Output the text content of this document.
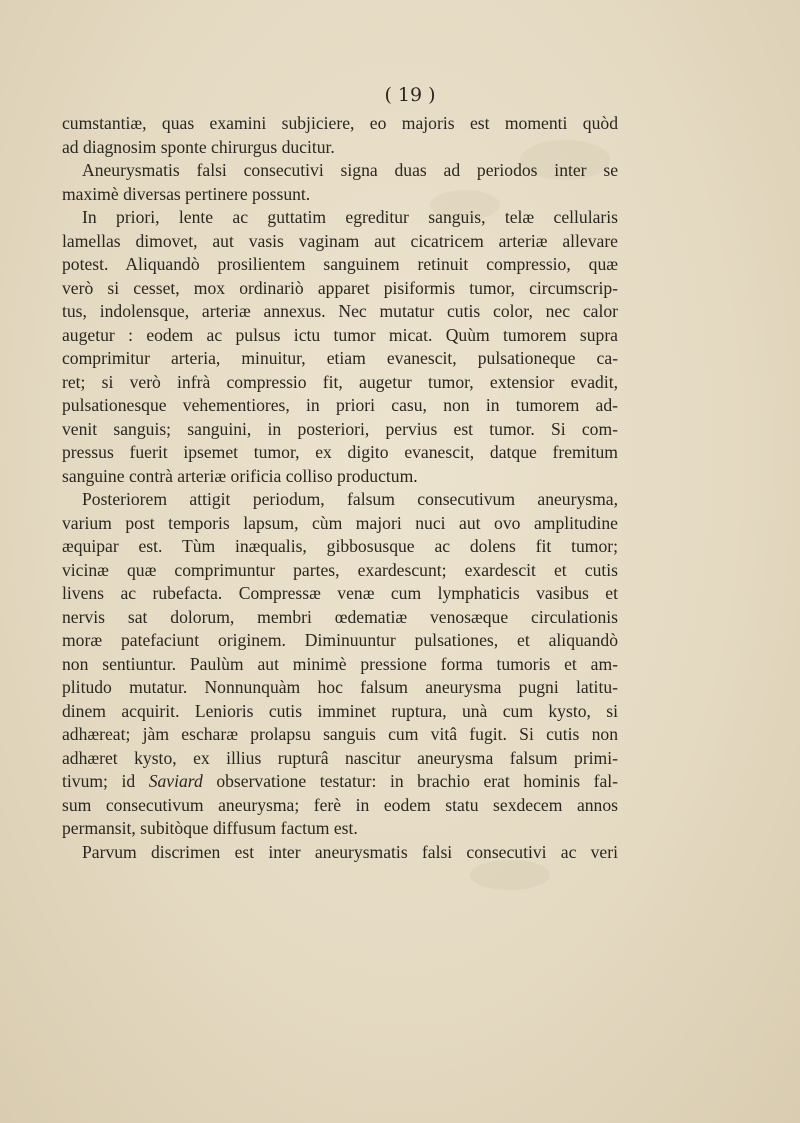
( 19 )
cumstantiæ, quas examini subjiciere, eo majoris est momenti quòd
ad diagnosim sponte chirurgus ducitur.
Aneurysmatis falsi consecutivi signa duas ad periodos inter se
maximè diversas pertinere possunt.
In priori, lente ac guttatim egreditur sanguis, telæ cellularis
lamellas dimovet, aut vasis vaginam aut cicatricem arteriæ allevare
potest. Aliquandò prosilientem sanguinem retinuit compressio, quæ
verò si cesset, mox ordinariò apparet pisiformis tumor, circumscrip-
tus, indolensque, arteriæ annexus. Nec mutatur cutis color, nec calor
augetur : eodem ac pulsus ictu tumor micat. Quùm tumorem supra
comprimitur arteria, minuitur, etiam evanescit, pulsationeque ca-
ret; si verò infrà compressio fit, augetur tumor, extensior evadit,
pulsationesque vehementiores, in priori casu, non in tumorem ad-
venit sanguis; sanguini, in posteriori, pervius est tumor. Si com-
pressus fuerit ipsemet tumor, ex digito evanescit, datque fremitum
sanguine contrà arteriæ orificia colliso productum.
Posteriorem attigit periodum, falsum consecutivum aneurysma,
varium post temporis lapsum, cùm majori nuci aut ovo amplitudine
æquipar est. Tùm inæqualis, gibbosusque ac dolens fit tumor;
vicinæ quæ comprimuntur partes, exardescunt; exardescit et cutis
livens ac rubefacta. Compressæ venæ cum lymphaticis vasibus et
nervis sat dolorum, membri œdematiæ venosæque circulationis
moræ patefaciunt originem. Diminuuntur pulsationes, et aliquandò
non sentiuntur. Paulùm aut minimè pressione forma tumoris et am-
plitudo mutatur. Nonnunquàm hoc falsum aneurysma pugni latitu-
dinem acquirit. Lenioris cutis imminet ruptura, unà cum kysto, si
adhæreat; jàm escharæ prolapsu sanguis cum vitâ fugit. Si cutis non
adhæret kysto, ex illius rupturâ nascitur aneurysma falsum primi-
tivum; id Saviard observatione testatur: in brachio erat hominis fal-
sum consecutivum aneurysma; ferè in eodem statu sexdecem annos
permansit, subitòque diffusum factum est.
Parvum discrimen est inter aneurysmatis falsi consecutivi ac veri
